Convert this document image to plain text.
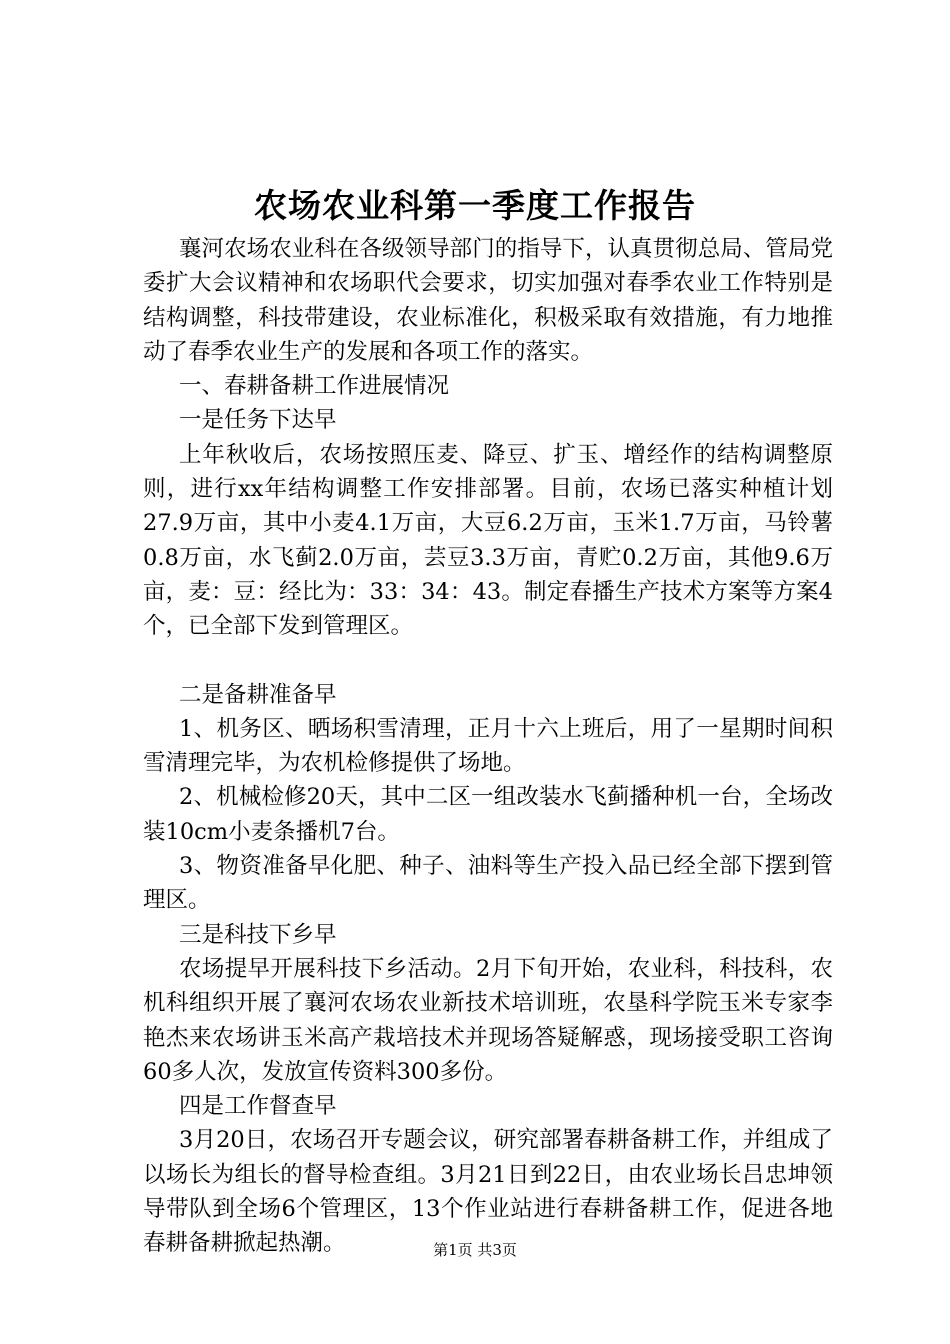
农场农业科第一季度工作报告

襄河农场农业科在各级领导部门的指导下，认真贯彻总局、管局党委扩大会议精神和农场职代会要求，切实加强对春季农业工作特别是结构调整，科技带建设，农业标准化，积极采取有效措施，有力地推动了春季农业生产的发展和各项工作的落实。

一、春耕备耕工作进展情况

一是任务下达早

上年秋收后，农场按照压麦、降豆、扩玉、增经作的结构调整原则，进行xx年结构调整工作安排部署。目前，农场已落实种植计划27.9万亩，其中小麦4.1万亩，大豆6.2万亩，玉米1.7万亩，马铃薯0.8万亩，水飞蓟2.0万亩，芸豆3.3万亩，青贮0.2万亩，其他9.6万亩，麦：豆：经比为：33：34：43。制定春播生产技术方案等方案4个，已全部下发到管理区。

二是备耕准备早

1、机务区、晒场积雪清理，正月十六上班后，用了一星期时间积雪清理完毕，为农机检修提供了场地。

2、机械检修20天，其中二区一组改装水飞蓟播种机一台，全场改装10cm小麦条播机7台。

3、物资准备早化肥、种子、油料等生产投入品已经全部下摆到管理区。

三是科技下乡早

农场提早开展科技下乡活动。2月下旬开始，农业科，科技科，农机科组织开展了襄河农场农业新技术培训班，农垦科学院玉米专家李艳杰来农场讲玉米高产栽培技术并现场答疑解惑，现场接受职工咨询60多人次，发放宣传资料300多份。

四是工作督查早

3月20日，农场召开专题会议，研究部署春耕备耕工作，并组成了以场长为组长的督导检查组。3月21日到22日，由农业场长吕忠坤领导带队到全场6个管理区，13个作业站进行春耕备耕工作，促进各地春耕备耕掀起热潮。	第1页 共3页
